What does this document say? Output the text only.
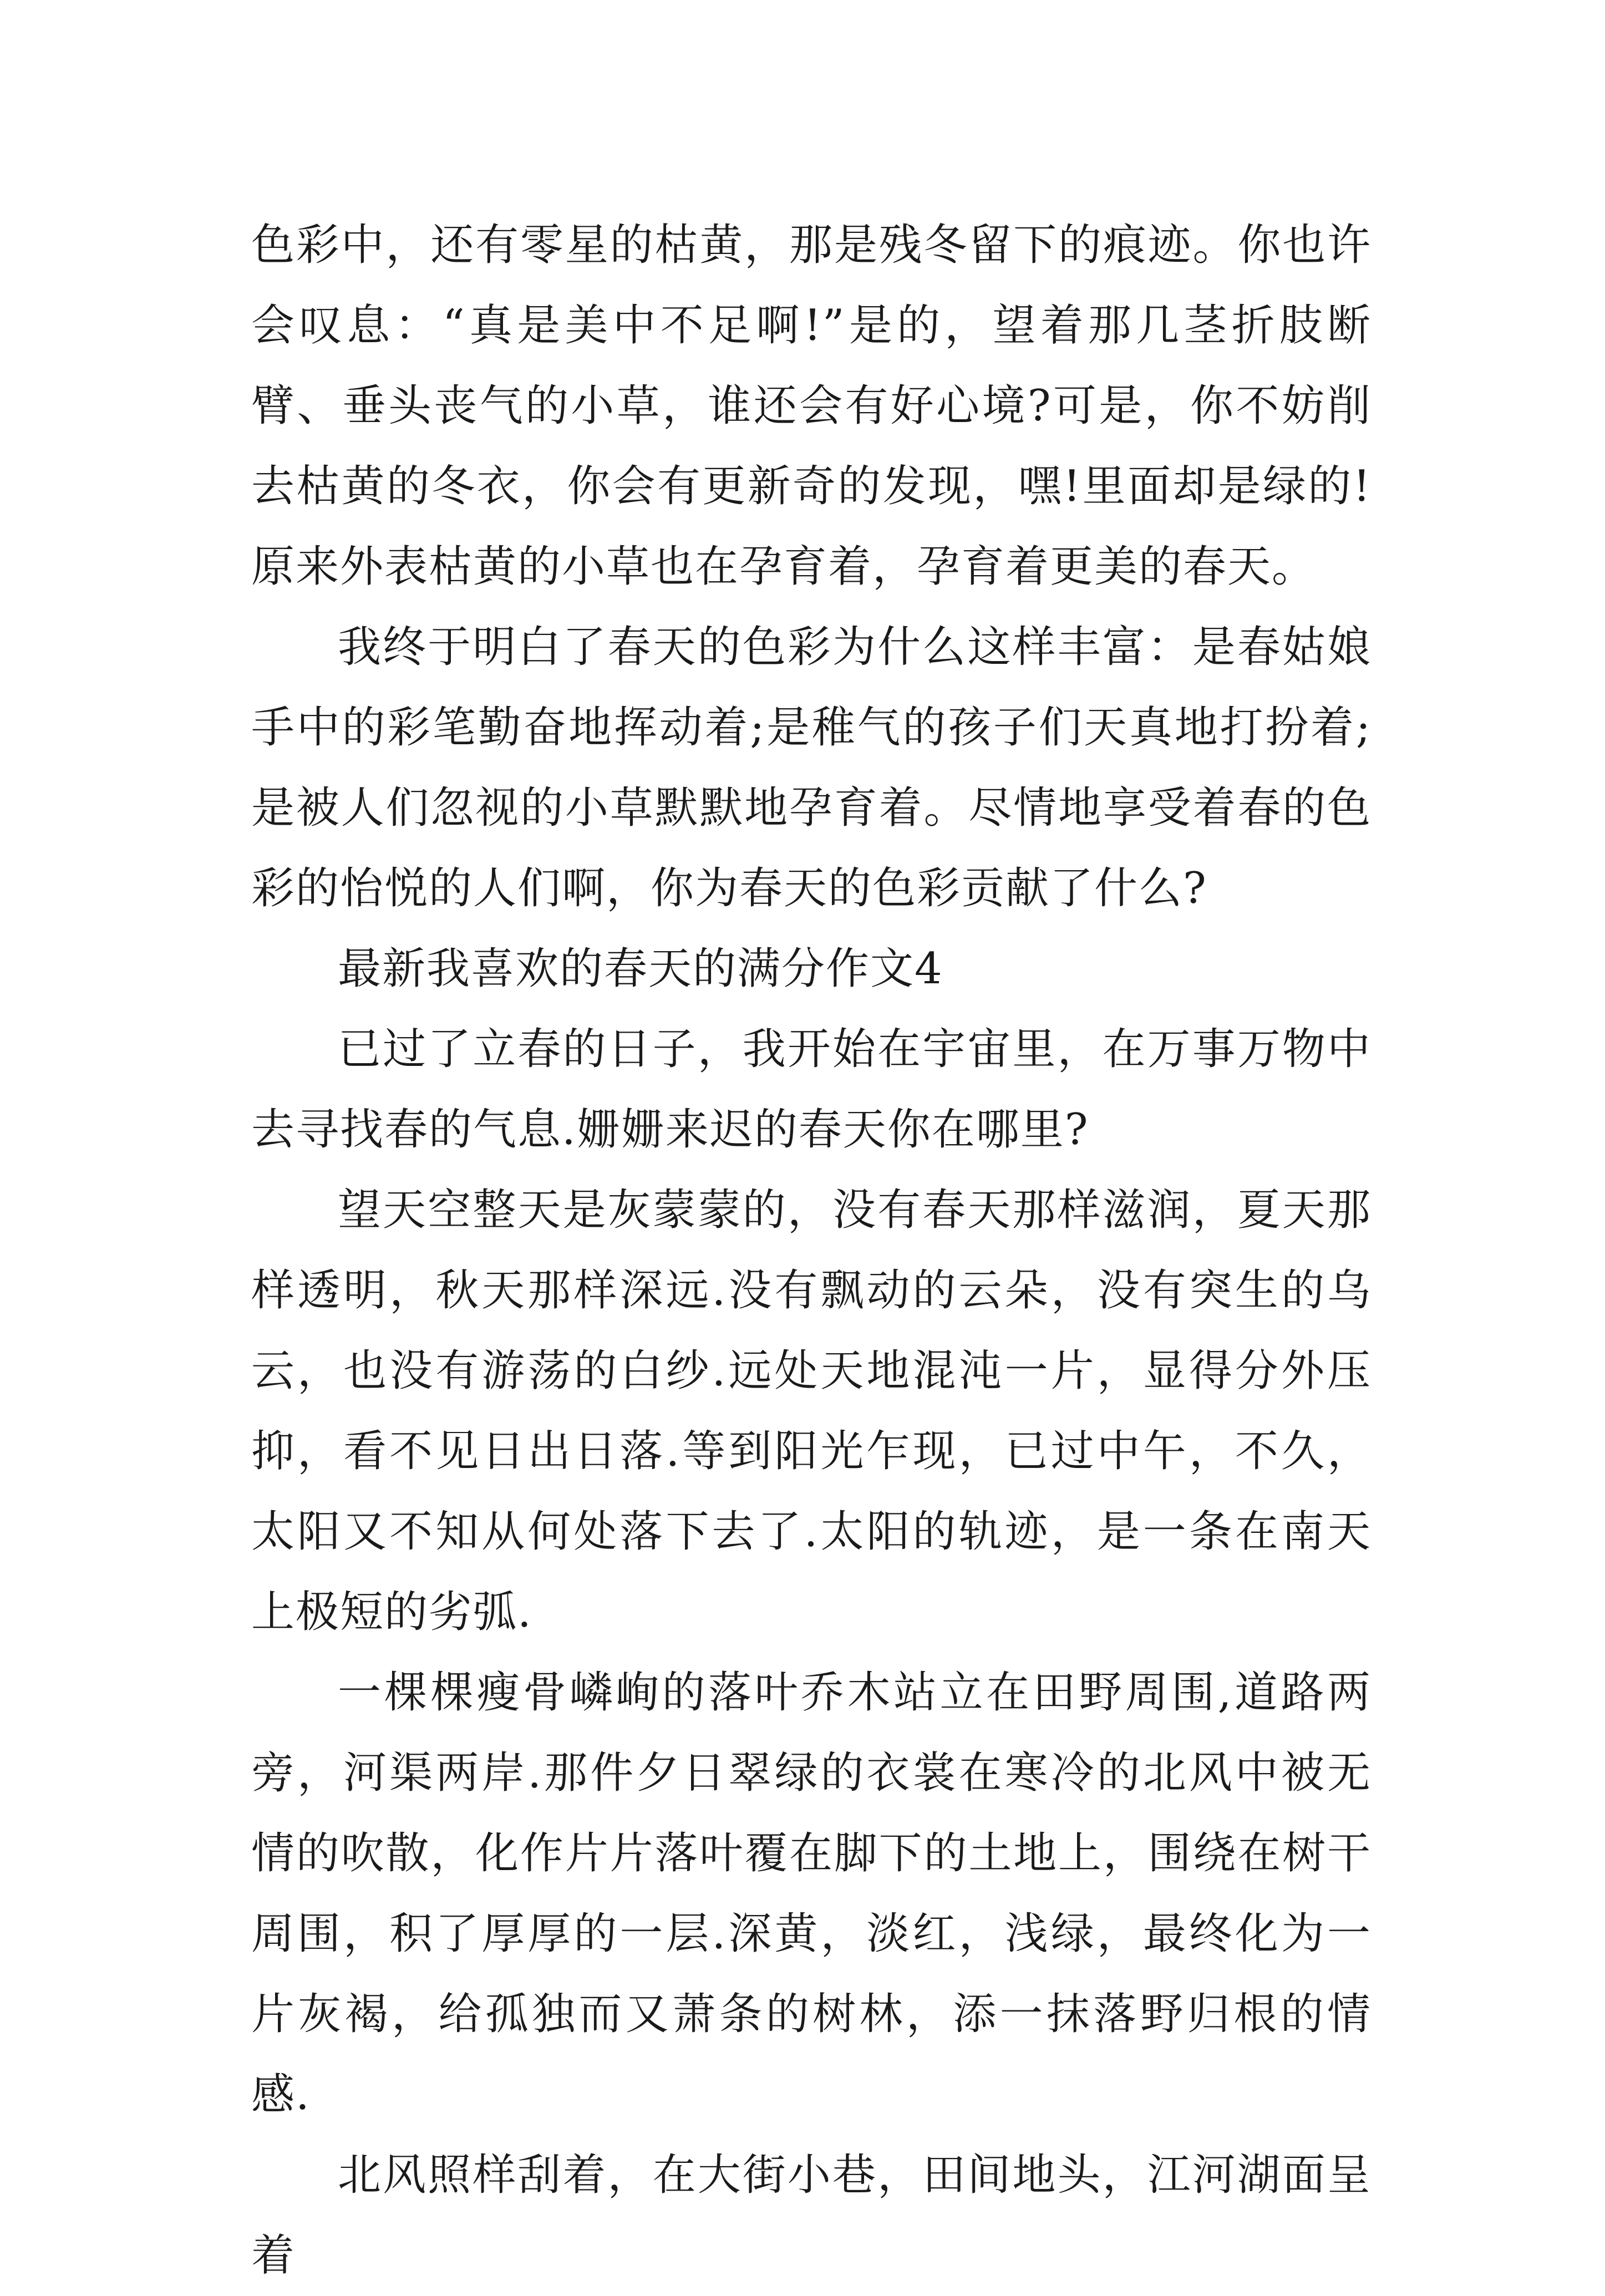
色彩中，还有零星的枯黄，那是残冬留下的痕迹。你也许会叹息：“真是美中不足啊!”是的，望着那几茎折肢断臂、垂头丧气的小草，谁还会有好心境?可是，你不妨削去枯黄的冬衣，你会有更新奇的发现，嘿!里面却是绿的!原来外表枯黄的小草也在孕育着，孕育着更美的春天。

我终于明白了春天的色彩为什么这样丰富：是春姑娘手中的彩笔勤奋地挥动着;是稚气的孩子们天真地打扮着;是被人们忽视的小草默默地孕育着。尽情地享受着春的色彩的怡悦的人们啊，你为春天的色彩贡献了什么?

最新我喜欢的春天的满分作文4

已过了立春的日子，我开始在宇宙里，在万事万物中去寻找春的气息.姗姗来迟的春天你在哪里?

望天空整天是灰蒙蒙的，没有春天那样滋润，夏天那样透明，秋天那样深远.没有飘动的云朵，没有突生的乌云，也没有游荡的白纱.远处天地混沌一片，显得分外压抑，看不见日出日落.等到阳光乍现，已过中午，不久，太阳又不知从何处落下去了.太阳的轨迹，是一条在南天上极短的劣弧.

一棵棵瘦骨嶙峋的落叶乔木站立在田野周围,道路两旁，河渠两岸.那件夕日翠绿的衣裳在寒冷的北风中被无情的吹散，化作片片落叶覆在脚下的土地上，围绕在树干周围，积了厚厚的一层.深黄，淡红，浅绿，最终化为一片灰褐，给孤独而又萧条的树林，添一抹落野归根的情感.

北风照样刮着，在大街小巷，田间地头，江河湖面呈着
